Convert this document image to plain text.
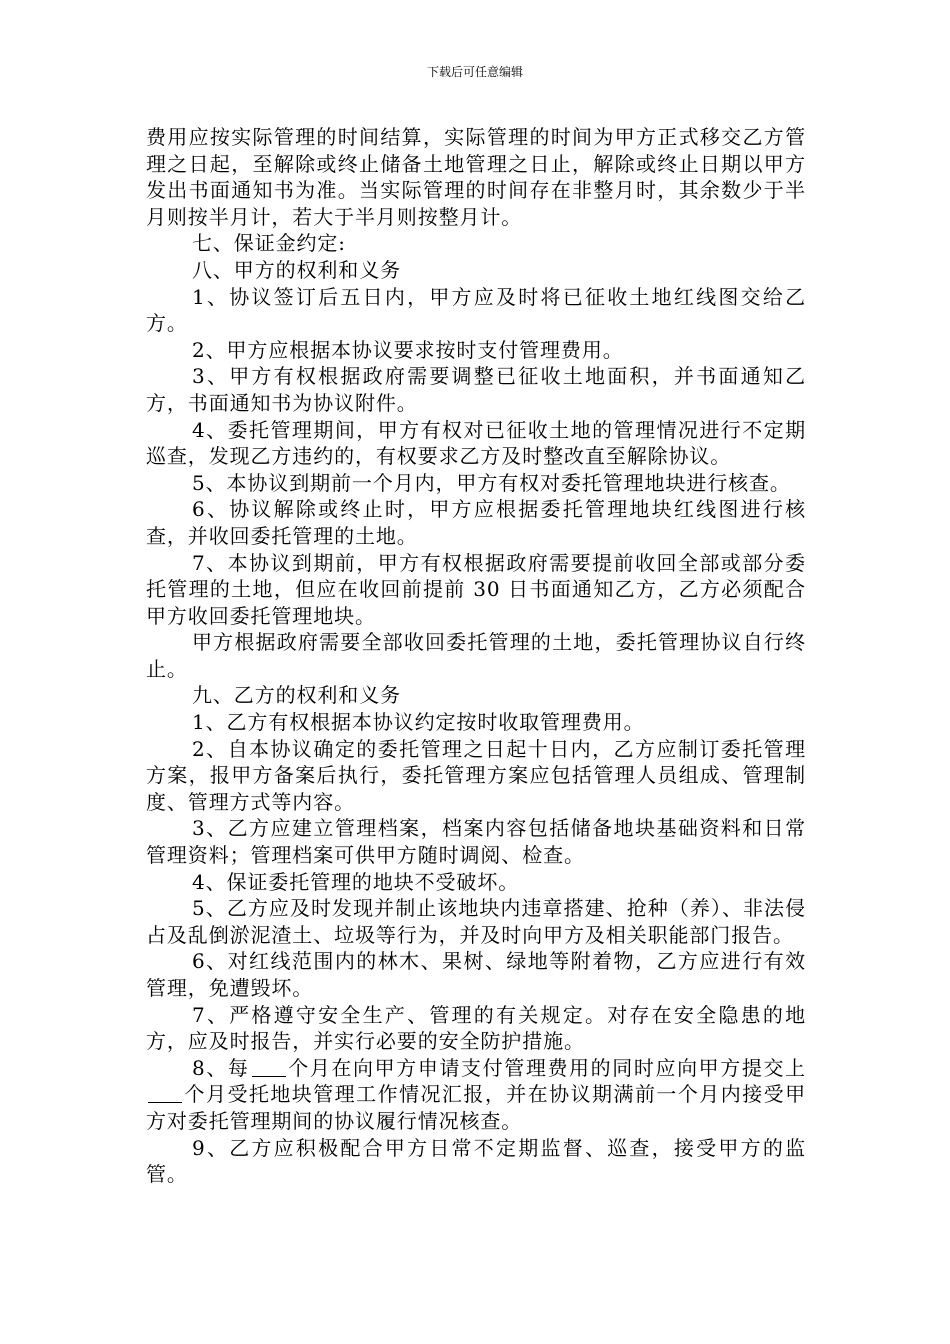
下载后可任意编辑

费用应按实际管理的时间结算，实际管理的时间为甲方正式移交乙方管理之日起，至解除或终止储备土地管理之日止，解除或终止日期以甲方发出书面通知书为准。当实际管理的时间存在非整月时，其余数少于半月则按半月计，若大于半月则按整月计。

七、保证金约定:

八、甲方的权利和义务

1、协议签订后五日内，甲方应及时将已征收土地红线图交给乙方。

2、甲方应根据本协议要求按时支付管理费用。

3、甲方有权根据政府需要调整已征收土地面积，并书面通知乙方，书面通知书为协议附件。

4、委托管理期间，甲方有权对已征收土地的管理情况进行不定期巡查，发现乙方违约的，有权要求乙方及时整改直至解除协议。

5、本协议到期前一个月内，甲方有权对委托管理地块进行核查。

6、协议解除或终止时，甲方应根据委托管理地块红线图进行核查，并收回委托管理的土地。

7、本协议到期前，甲方有权根据政府需要提前收回全部或部分委托管理的土地，但应在收回前提前 30 日书面通知乙方，乙方必须配合甲方收回委托管理地块。

甲方根据政府需要全部收回委托管理的土地，委托管理协议自行终止。

九、乙方的权利和义务

1、乙方有权根据本协议约定按时收取管理费用。

2、自本协议确定的委托管理之日起十日内，乙方应制订委托管理方案，报甲方备案后执行，委托管理方案应包括管理人员组成、管理制度、管理方式等内容。

3、乙方应建立管理档案，档案内容包括储备地块基础资料和日常管理资料；管理档案可供甲方随时调阅、检查。

4、保证委托管理的地块不受破坏。

5、乙方应及时发现并制止该地块内违章搭建、抢种（养）、非法侵占及乱倒淤泥渣土、垃圾等行为，并及时向甲方及相关职能部门报告。

6、对红线范围内的林木、果树、绿地等附着物，乙方应进行有效管理，免遭毁坏。

7、严格遵守安全生产、管理的有关规定。对存在安全隐患的地方，应及时报告，并实行必要的安全防护措施。

8、每 个月在向甲方申请支付管理费用的同时应向甲方提交上个月受托地块管理工作情况汇报，并在协议期满前一个月内接受甲方对委托管理期间的协议履行情况核查。

9、乙方应积极配合甲方日常不定期监督、巡查，接受甲方的监管。
